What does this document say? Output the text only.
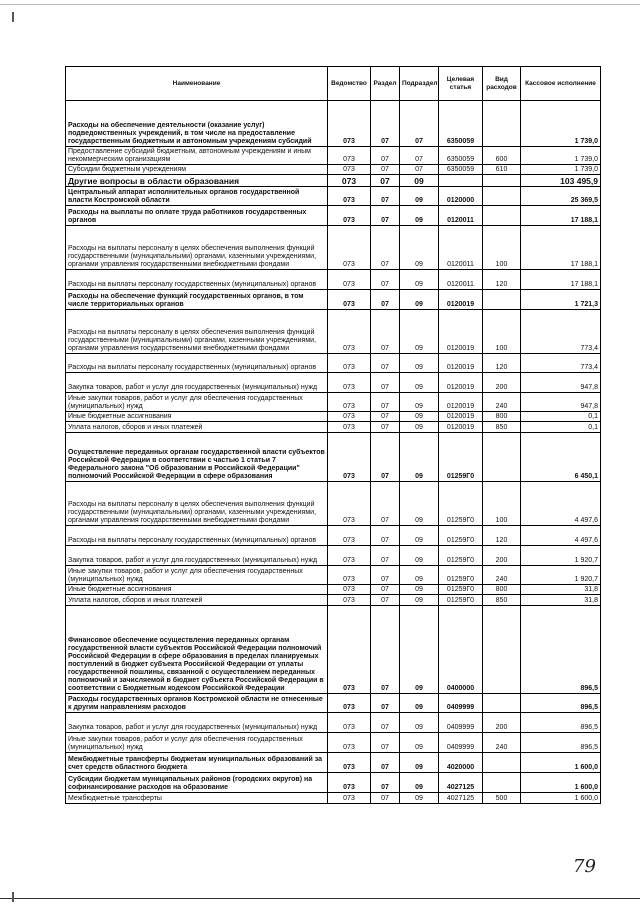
Наименование	Ведомство	Раздел	Подраздел	Целевая статья	Вид расходов	Кассовое исполнение
Расходы на обеспечение деятельности (оказание услуг) подведомственных учреждений, в том числе на предоставление государственным бюджетным и автономным учреждениям субсидий	073	07	07	6350059		1 739,0
Предоставление субсидий бюджетным, автономным учреждениям и иным некоммерческим организациям	073	07	07	6350059	600	1 739,0
Субсидии бюджетным учреждениям	073	07	07	6350059	610	1 739,0
Другие вопросы в области образования	073	07	09			103 495,9
Центральный аппарат исполнительных органов государственной власти Костромской области	073	07	09	0120000		25 369,5
Расходы на выплаты по оплате труда работников государственных органов	073	07	09	0120011		17 188,1
Расходы на выплаты персоналу в целях обеспечения выполнения функций государственными (муниципальными) органами, казенными учреждениями, органами управления государственными внебюджетными фондами	073	07	09	0120011	100	17 188,1
Расходы на выплаты персоналу государственных (муниципальных) органов	073	07	09	0120011	120	17 188,1
Расходы на обеспечение функций государственных органов, в том числе территориальных органов	073	07	09	0120019		1 721,3
Расходы на выплаты персоналу в целях обеспечения выполнения функций государственными (муниципальными) органами, казенными учреждениями, органами управления государственными внебюджетными фондами	073	07	09	0120019	100	773,4
Расходы на выплаты персоналу государственных (муниципальных) органов	073	07	09	0120019	120	773,4
Закупка товаров, работ и услуг для государственных (муниципальных) нужд	073	07	09	0120019	200	947,8
Иные закупки товаров, работ и услуг для обеспечения государственных (муниципальных) нужд	073	07	09	0120019	240	947,8
Иные бюджетные ассигнования	073	07	09	0120019	800	0,1
Уплата налогов, сборов и иных платежей	073	07	09	0120019	850	0,1
Осуществление переданных органам государственной власти субъектов Российской Федерации в соответствии с частью 1 статьи 7 Федерального закона "Об образовании в Российской Федерации" полномочий Российской Федерации в сфере образования	073	07	09	01259Г0		6 450,1
Расходы на выплаты персоналу в целях обеспечения выполнения функций государственными (муниципальными) органами, казенными учреждениями, органами управления государственными внебюджетными фондами	073	07	09	01259Г0	100	4 497,6
Расходы на выплаты персоналу государственных (муниципальных) органов	073	07	09	01259Г0	120	4 497,6
Закупка товаров, работ и услуг для государственных (муниципальных) нужд	073	07	09	01259Г0	200	1 920,7
Иные закупки товаров, работ и услуг для обеспечения государственных (муниципальных) нужд	073	07	09	01259Г0	240	1 920,7
Иные бюджетные ассигнования	073	07	09	01259Г0	800	31,8
Уплата налогов, сборов и иных платежей	073	07	09	01259Г0	850	31,8
Финансовое обеспечение осуществления переданных органам государственной власти субъектов Российской Федерации полномочий Российской Федерации в сфере образования в пределах планируемых поступлений в бюджет субъекта Российской Федерации от уплаты государственной пошлины, связанной с осуществлением переданных полномочий и зачисляемой в бюджет субъекта Российской Федерации в соответствии с Бюджетным кодексом Российской Федерации	073	07	09	0400000		896,5
Расходы государственных органов Костромской области не отнесенные к другим направлениям расходов	073	07	09	0409999		896,5
Закупка товаров, работ и услуг для государственных (муниципальных) нужд	073	07	09	0409999	200	896,5
Иные закупки товаров, работ и услуг для обеспечения государственных (муниципальных) нужд	073	07	09	0409999	240	896,5
Межбюджетные трансферты бюджетам муниципальных образований за счет средств областного бюджета	073	07	09	4020000		1 600,0
Субсидии бюджетам муниципальных районов (городских округов) на софинансирование расходов на образование	073	07	09	4027125		1 600,0
Межбюджетные трансферты	073	07	09	4027125	500	1 600,0
79
